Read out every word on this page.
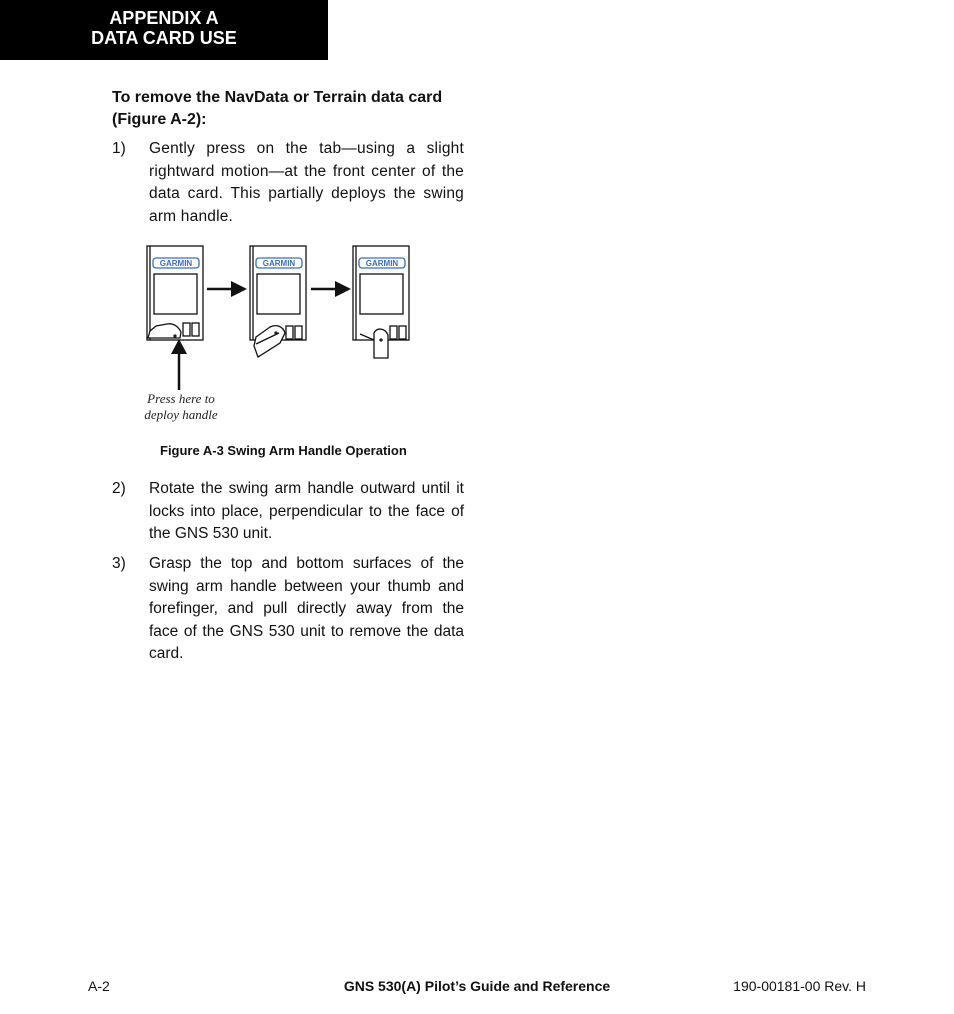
APPENDIX A
DATA CARD USE
To remove the NavData or Terrain data card (Figure A-2):
1) Gently press on the tab—using a slight rightward motion—at the front center of the data card. This partially deploys the swing arm handle.
GARMIN	GARMIN	GARMIN
Press here to deploy handle
Figure A-3 Swing Arm Handle Operation
2) Rotate the swing arm handle outward until it locks into place, perpendicular to the face of the GNS 530 unit.
3) Grasp the top and bottom surfaces of the swing arm handle between your thumb and forefinger, and pull directly away from the face of the GNS 530 unit to remove the data card.
GNS 530(A) Pilot’s Guide and Reference
A-2	190-00181-00 Rev. H
